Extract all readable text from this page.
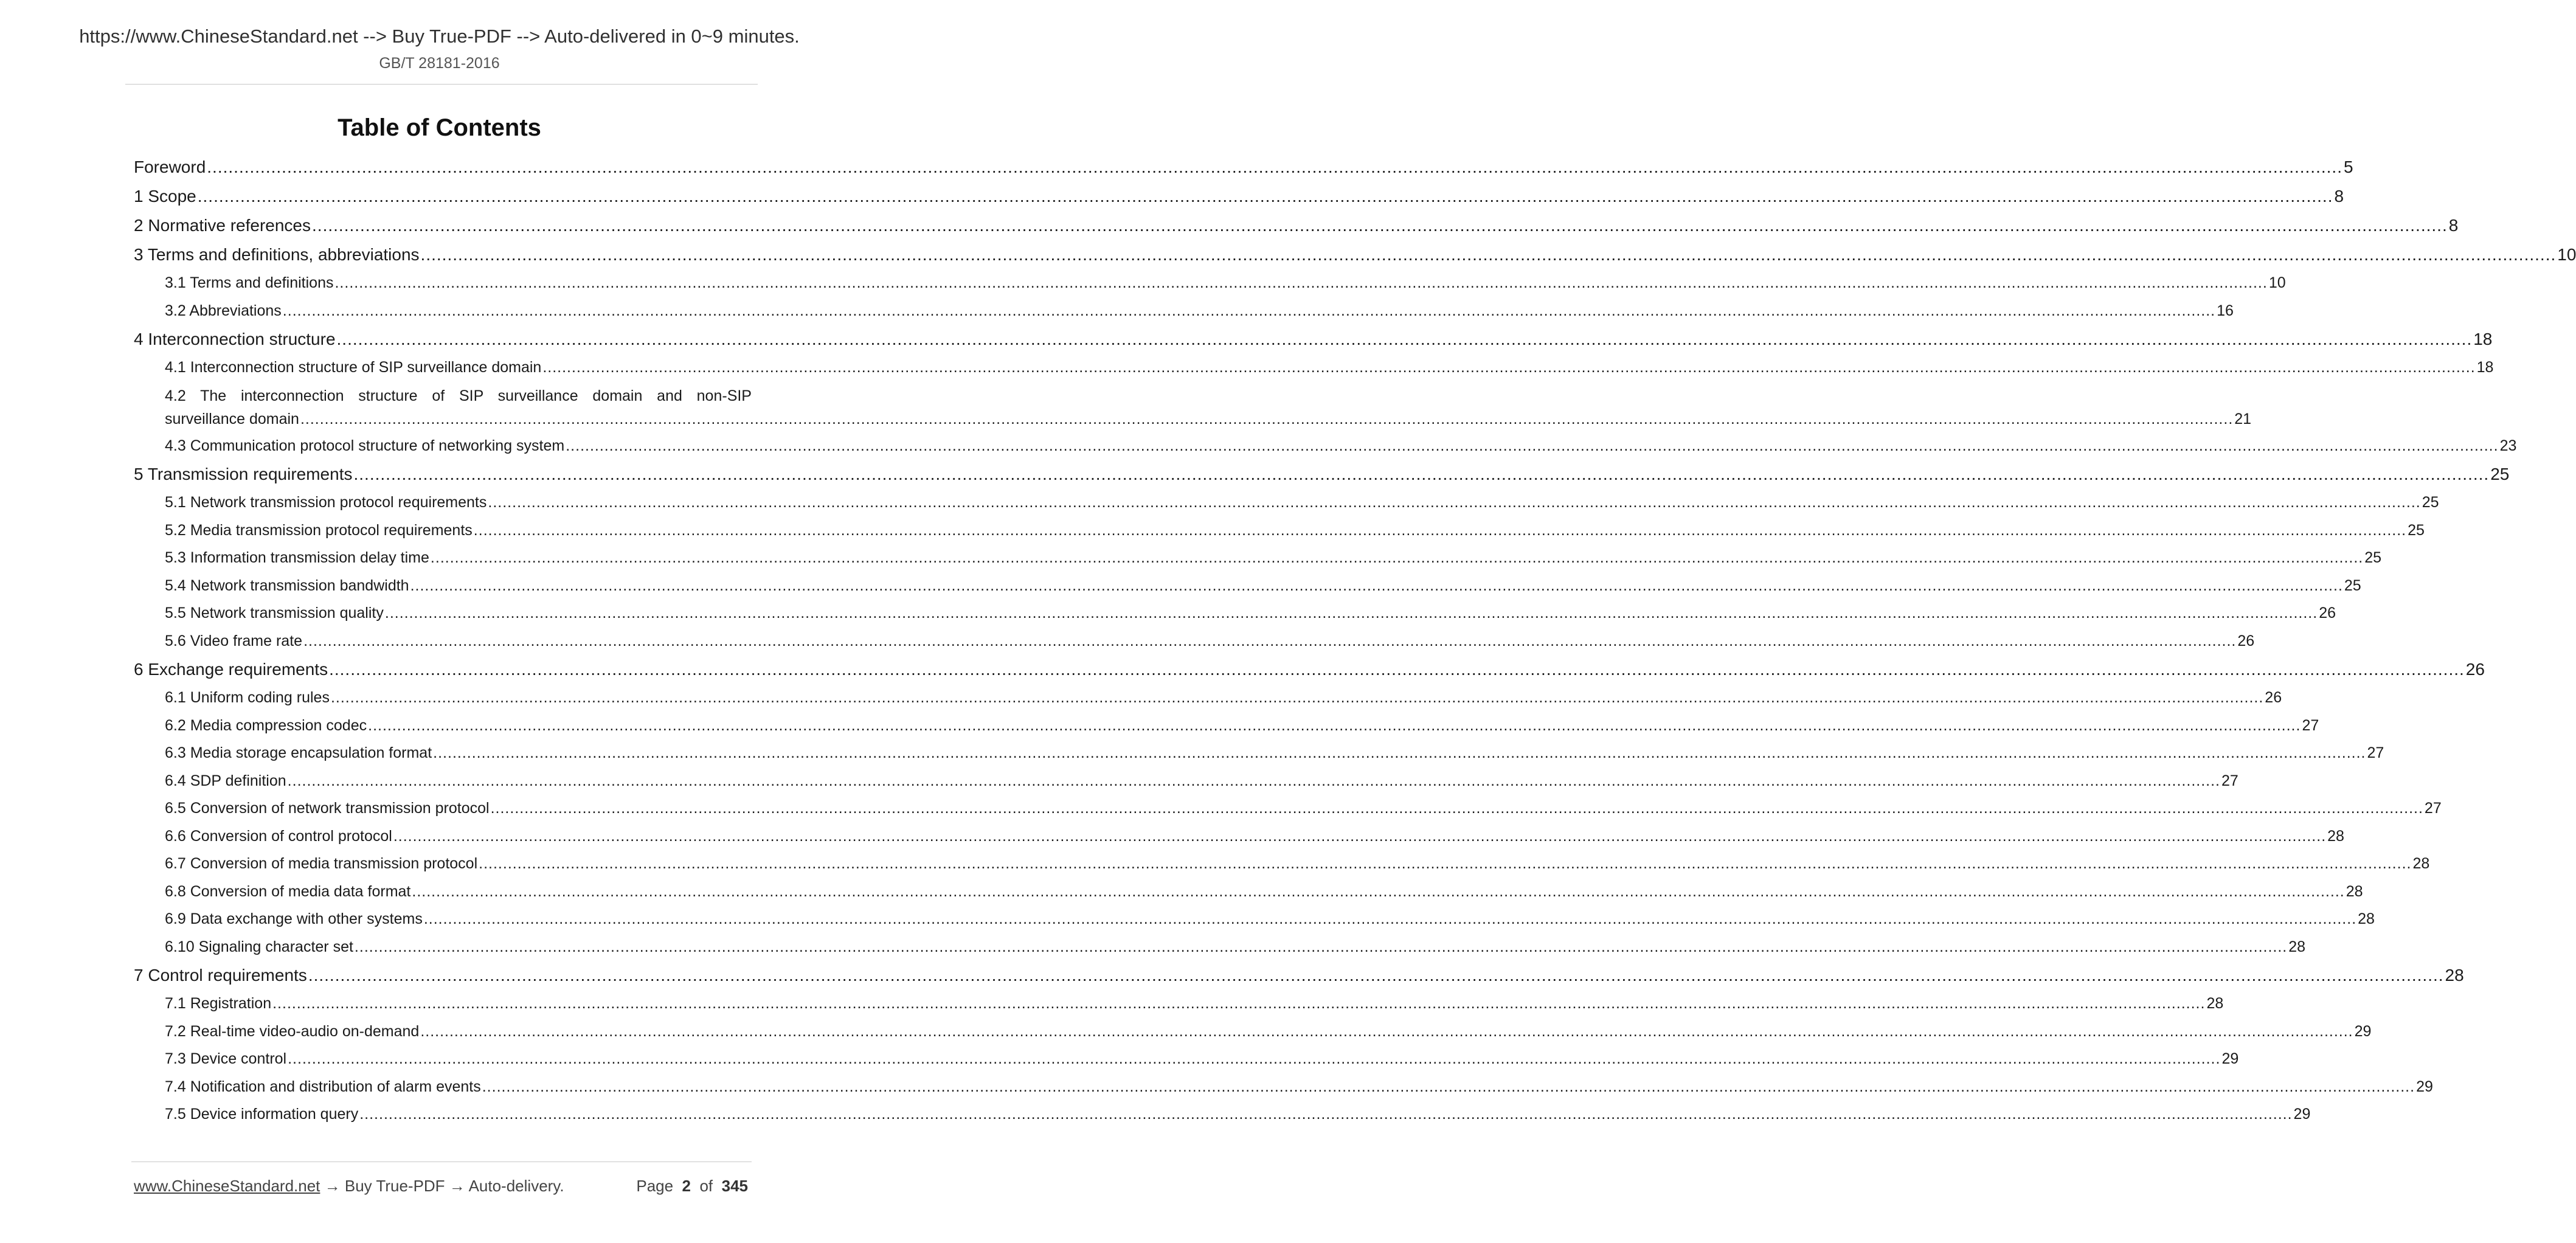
https://www.ChineseStandard.net --> Buy True-PDF --> Auto-delivered in 0~9 minutes.
GB/T 28181-2016
Table of Contents
Foreword ................................................................................................................................................................................................................................................................................................................................................................................................................ 5
1 Scope ................................................................................................................................................................................................................................................................................................................................................................................................................ 8
2 Normative references ................................................................................................................................................................................................................................................................................................................................................................................................................ 8
3 Terms and definitions, abbreviations ................................................................................................................................................................................................................................................................................................................................................................................................................ 10
3.1 Terms and definitions ................................................................................................................................................................................................................................................................................................................................................................................................................ 10
3.2 Abbreviations ................................................................................................................................................................................................................................................................................................................................................................................................................ 16
4 Interconnection structure ................................................................................................................................................................................................................................................................................................................................................................................................................ 18
4.1 Interconnection structure of SIP surveillance domain ................................................................................................................................................................................................................................................................................................................................................................................................................ 18
4.2 The interconnection structure of SIP surveillance domain and non-SIP
surveillance domain ................................................................................................................................................................................................................................................................................................................................................................................................................ 21
4.3 Communication protocol structure of networking system ................................................................................................................................................................................................................................................................................................................................................................................................................ 23
5 Transmission requirements ................................................................................................................................................................................................................................................................................................................................................................................................................ 25
5.1 Network transmission protocol requirements ................................................................................................................................................................................................................................................................................................................................................................................................................ 25
5.2 Media transmission protocol requirements ................................................................................................................................................................................................................................................................................................................................................................................................................ 25
5.3 Information transmission delay time ................................................................................................................................................................................................................................................................................................................................................................................................................ 25
5.4 Network transmission bandwidth ................................................................................................................................................................................................................................................................................................................................................................................................................ 25
5.5 Network transmission quality ................................................................................................................................................................................................................................................................................................................................................................................................................ 26
5.6 Video frame rate ................................................................................................................................................................................................................................................................................................................................................................................................................ 26
6 Exchange requirements ................................................................................................................................................................................................................................................................................................................................................................................................................ 26
6.1 Uniform coding rules ................................................................................................................................................................................................................................................................................................................................................................................................................ 26
6.2 Media compression codec ................................................................................................................................................................................................................................................................................................................................................................................................................ 27
6.3 Media storage encapsulation format ................................................................................................................................................................................................................................................................................................................................................................................................................ 27
6.4 SDP definition ................................................................................................................................................................................................................................................................................................................................................................................................................ 27
6.5 Conversion of network transmission protocol ................................................................................................................................................................................................................................................................................................................................................................................................................ 27
6.6 Conversion of control protocol ................................................................................................................................................................................................................................................................................................................................................................................................................ 28
6.7 Conversion of media transmission protocol ................................................................................................................................................................................................................................................................................................................................................................................................................ 28
6.8 Conversion of media data format ................................................................................................................................................................................................................................................................................................................................................................................................................ 28
6.9 Data exchange with other systems ................................................................................................................................................................................................................................................................................................................................................................................................................ 28
6.10 Signaling character set ................................................................................................................................................................................................................................................................................................................................................................................................................ 28
7 Control requirements ................................................................................................................................................................................................................................................................................................................................................................................................................ 28
7.1 Registration ................................................................................................................................................................................................................................................................................................................................................................................................................ 28
7.2 Real-time video-audio on-demand ................................................................................................................................................................................................................................................................................................................................................................................................................ 29
7.3 Device control ................................................................................................................................................................................................................................................................................................................................................................................................................ 29
7.4 Notification and distribution of alarm events ................................................................................................................................................................................................................................................................................................................................................................................................................ 29
7.5 Device information query ................................................................................................................................................................................................................................................................................................................................................................................................................ 29
www.ChineseStandard.net → Buy True-PDF → Auto-delivery.	Page 2 of 345
